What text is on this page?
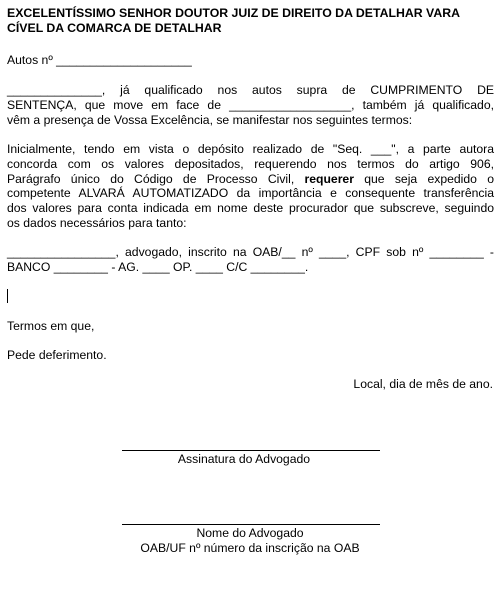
EXCELENTÍSSIMO SENHOR DOUTOR JUIZ DE DIREITO DA DETALHAR VARA CÍVEL DA COMARCA DE DETALHAR
Autos nº ____________________
______________, já qualificado nos autos supra de CUMPRIMENTO DE
SENTENÇA, que move em face de __________________, também já qualificado,
vêm a presença de Vossa Excelência, se manifestar nos seguintes termos:
Inicialmente, tendo em vista o depósito realizado de "Seq. ___", a parte autora
concorda com os valores depositados, requerendo nos termos do artigo 906,
Parágrafo único do Código de Processo Civil, requerer que seja expedido o
competente ALVARÁ AUTOMATIZADO da importância e consequente transferência
dos valores para conta indicada em nome deste procurador que subscreve, seguindo
os dados necessários para tanto:
________________, advogado, inscrito na OAB/__ nº ____, CPF sob nº ________ -
BANCO ________ - AG. ____ OP. ____ C/C ________.
Termos em que,
Pede deferimento.
Local, dia de mês de ano.
Assinatura do Advogado
Nome do Advogado
OAB/UF nº número da inscrição na OAB
